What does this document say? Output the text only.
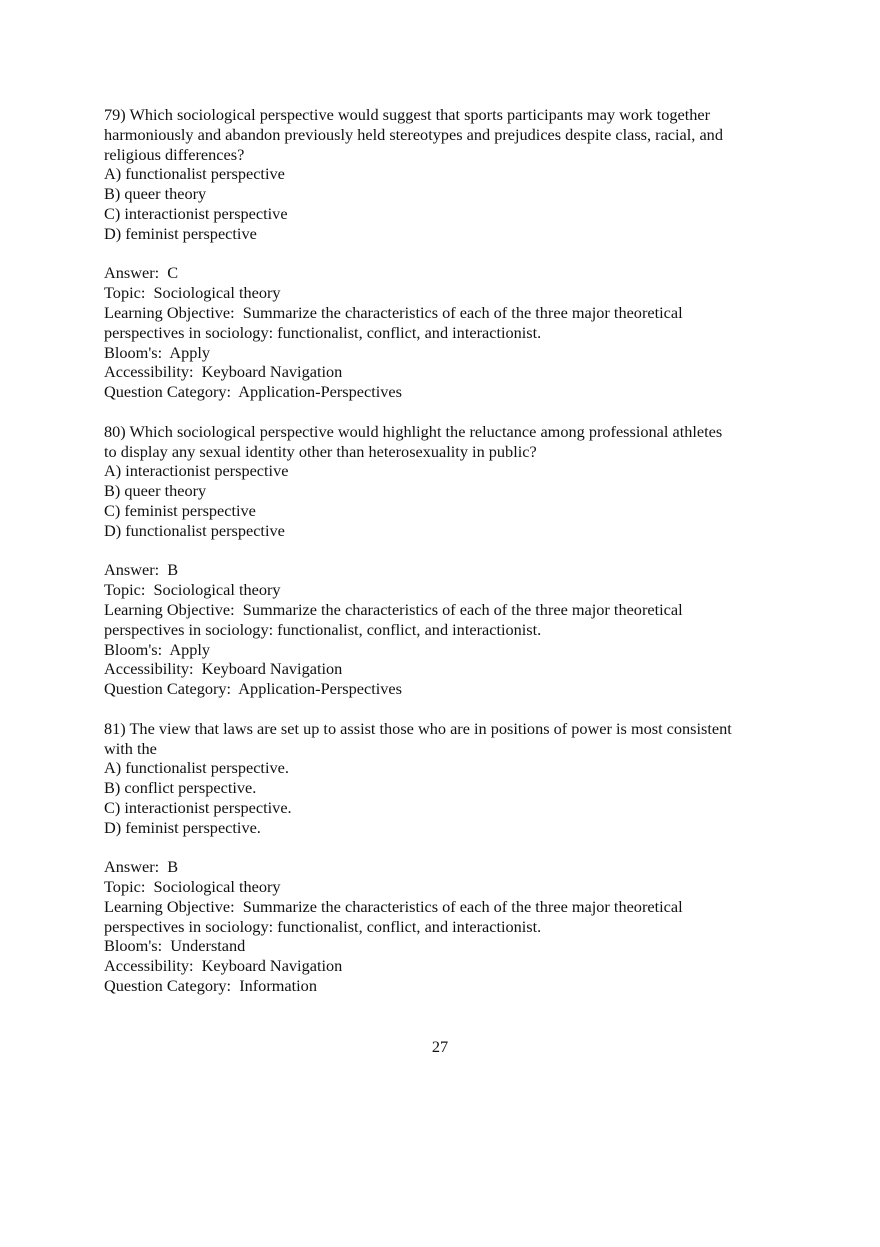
79) Which sociological perspective would suggest that sports participants may work together
harmoniously and abandon previously held stereotypes and prejudices despite class, racial, and
religious differences?
A) functionalist perspective
B) queer theory
C) interactionist perspective
D) feminist perspective
Answer:  C
Topic:  Sociological theory
Learning Objective:  Summarize the characteristics of each of the three major theoretical
perspectives in sociology: functionalist, conflict, and interactionist.
Bloom's:  Apply
Accessibility:  Keyboard Navigation
Question Category:  Application-Perspectives
80) Which sociological perspective would highlight the reluctance among professional athletes
to display any sexual identity other than heterosexuality in public?
A) interactionist perspective
B) queer theory
C) feminist perspective
D) functionalist perspective
Answer:  B
Topic:  Sociological theory
Learning Objective:  Summarize the characteristics of each of the three major theoretical
perspectives in sociology: functionalist, conflict, and interactionist.
Bloom's:  Apply
Accessibility:  Keyboard Navigation
Question Category:  Application-Perspectives
81) The view that laws are set up to assist those who are in positions of power is most consistent
with the
A) functionalist perspective.
B) conflict perspective.
C) interactionist perspective.
D) feminist perspective.
Answer:  B
Topic:  Sociological theory
Learning Objective:  Summarize the characteristics of each of the three major theoretical
perspectives in sociology: functionalist, conflict, and interactionist.
Bloom's:  Understand
Accessibility:  Keyboard Navigation
Question Category:  Information
27
